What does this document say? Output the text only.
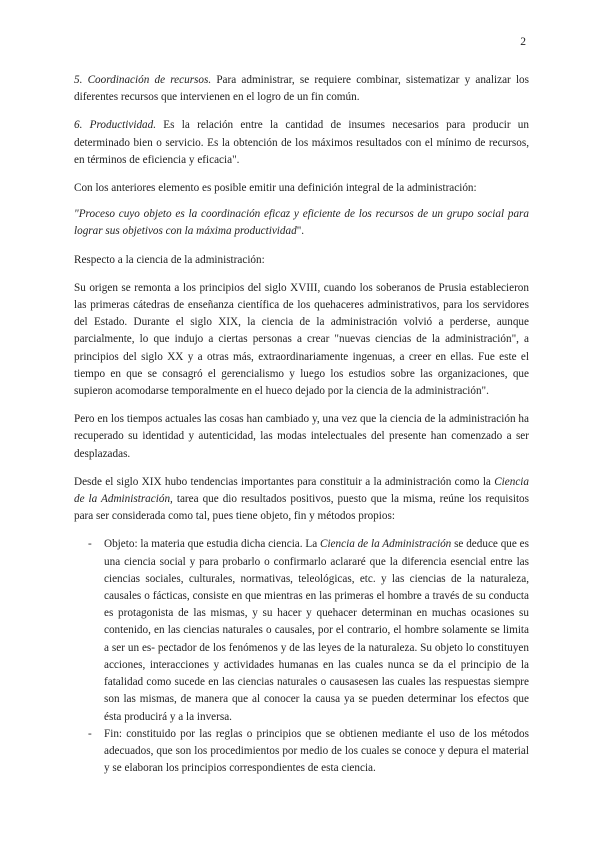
2

5. Coordinación de recursos. Para administrar, se requiere combinar, sistematizar y analizar los diferentes recursos que intervienen en el logro de un fin común.

6. Productividad. Es la relación entre la cantidad de insumes necesarios para producir un determinado bien o servicio. Es la obtención de los máximos resultados con el mínimo de recursos, en términos de eficiencia y eficacia".

Con los anteriores elemento es posible emitir una definición integral de la administración:

"Proceso cuyo objeto es la coordinación eficaz y eficiente de los recursos de un grupo social para lograr sus objetivos con la máxima productividad".

Respecto a la ciencia de la administración:

Su origen se remonta a los principios del siglo XVIII, cuando los soberanos de Prusia establecieron las primeras cátedras de enseñanza científica de los quehaceres administrativos, para los servidores del Estado. Durante el siglo XIX, la ciencia de la administración volvió a perderse, aunque parcialmente, lo que indujo a ciertas personas a crear "nuevas ciencias de la administración", a principios del siglo XX y a otras más, extraordinariamente ingenuas, a creer en ellas. Fue este el tiempo en que se consagró el gerencialismo y luego los estudios sobre las organizaciones, que supieron acomodarse temporalmente en el hueco dejado por la ciencia de la administración".

Pero en los tiempos actuales las cosas han cambiado y, una vez que la ciencia de la administración ha recuperado su identidad y autenticidad, las modas intelectuales del presente han comenzado a ser desplazadas.

Desde el siglo XIX hubo tendencias importantes para constituir a la administración como la Ciencia de la Administración, tarea que dio resultados positivos, puesto que la misma, reúne los requisitos para ser considerada como tal, pues tiene objeto, fin y métodos propios:

- Objeto: la materia que estudia dicha ciencia. La Ciencia de la Administración se deduce que es una ciencia social y para probarlo o confirmarlo aclararé que la diferencia esencial entre las ciencias sociales, culturales, normativas, teleológicas, etc. y las ciencias de la naturaleza, causales o fácticas, consiste en que mientras en las primeras el hombre a través de su conducta es protagonista de las mismas, y su hacer y quehacer determinan en muchas ocasiones su contenido, en las ciencias naturales o causales, por el contrario, el hombre solamente se limita a ser un es- pectador de los fenómenos y de las leyes de la naturaleza. Su objeto lo constituyen acciones, interacciones y actividades humanas en las cuales nunca se da el principio de la fatalidad como sucede en las ciencias naturales o causasesen las cuales las respuestas siempre son las mismas, de manera que al conocer la causa ya se pueden determinar los efectos que ésta producirá y a la inversa.
- Fin: constituido por las reglas o principios que se obtienen mediante el uso de los métodos adecuados, que son los procedimientos por medio de los cuales se conoce y depura el material y se elaboran los principios correspondientes de esta ciencia.
